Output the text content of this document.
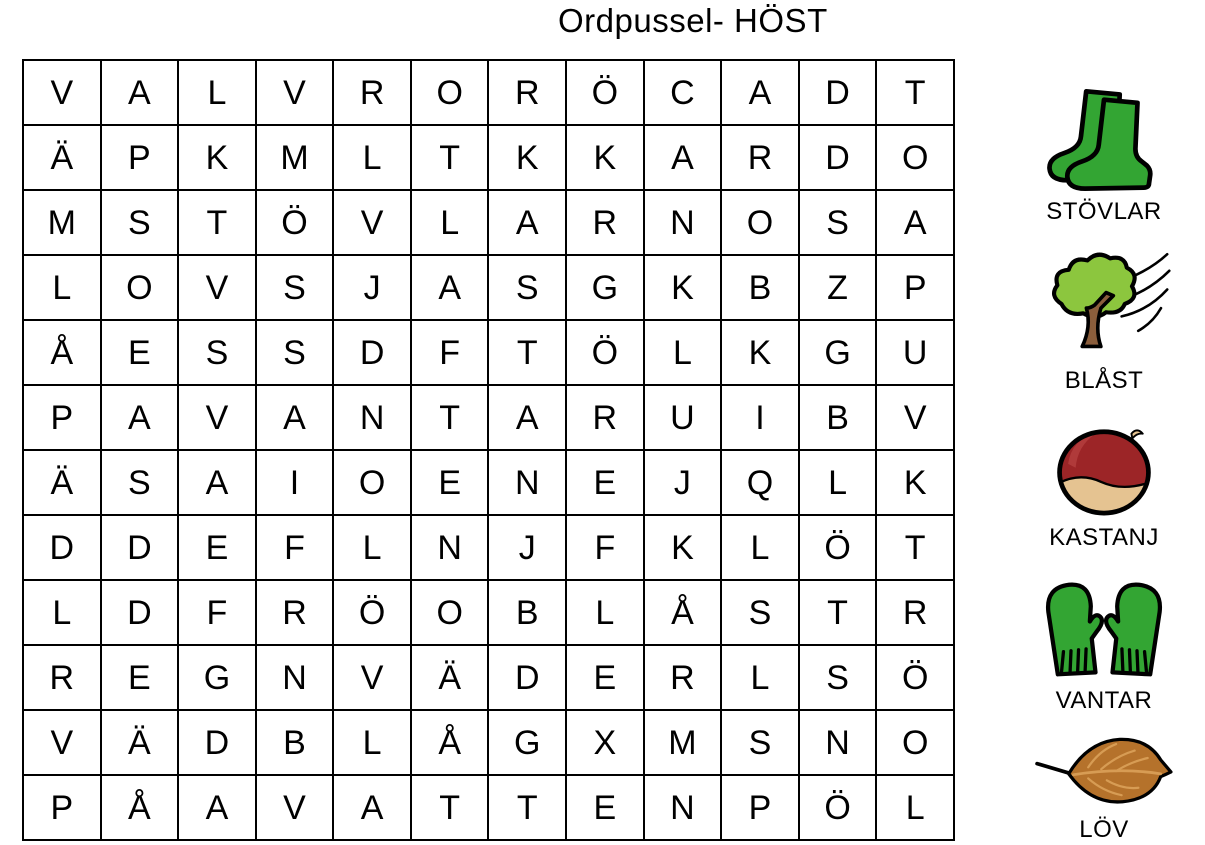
Ordpussel- HÖST
V	A	L	V	R	O	R	Ö	C	A	D	T
Ä	P	K	M	L	T	K	K	A	R	D	O
M	S	T	Ö	V	L	A	R	N	O	S	A
L	O	V	S	J	A	S	G	K	B	Z	P
Å	E	S	S	D	F	T	Ö	L	K	G	U
P	A	V	A	N	T	A	R	U	I	B	V
Ä	S	A	I	O	E	N	E	J	Q	L	K
D	D	E	F	L	N	J	F	K	L	Ö	T
L	D	F	R	Ö	O	B	L	Å	S	T	R
R	E	G	N	V	Ä	D	E	R	L	S	Ö
V	Ä	D	B	L	Å	G	X	M	S	N	O
P	Å	A	V	A	T	T	E	N	P	Ö	L
STÖVLAR
BLÅST
KASTANJ
VANTAR
LÖV
